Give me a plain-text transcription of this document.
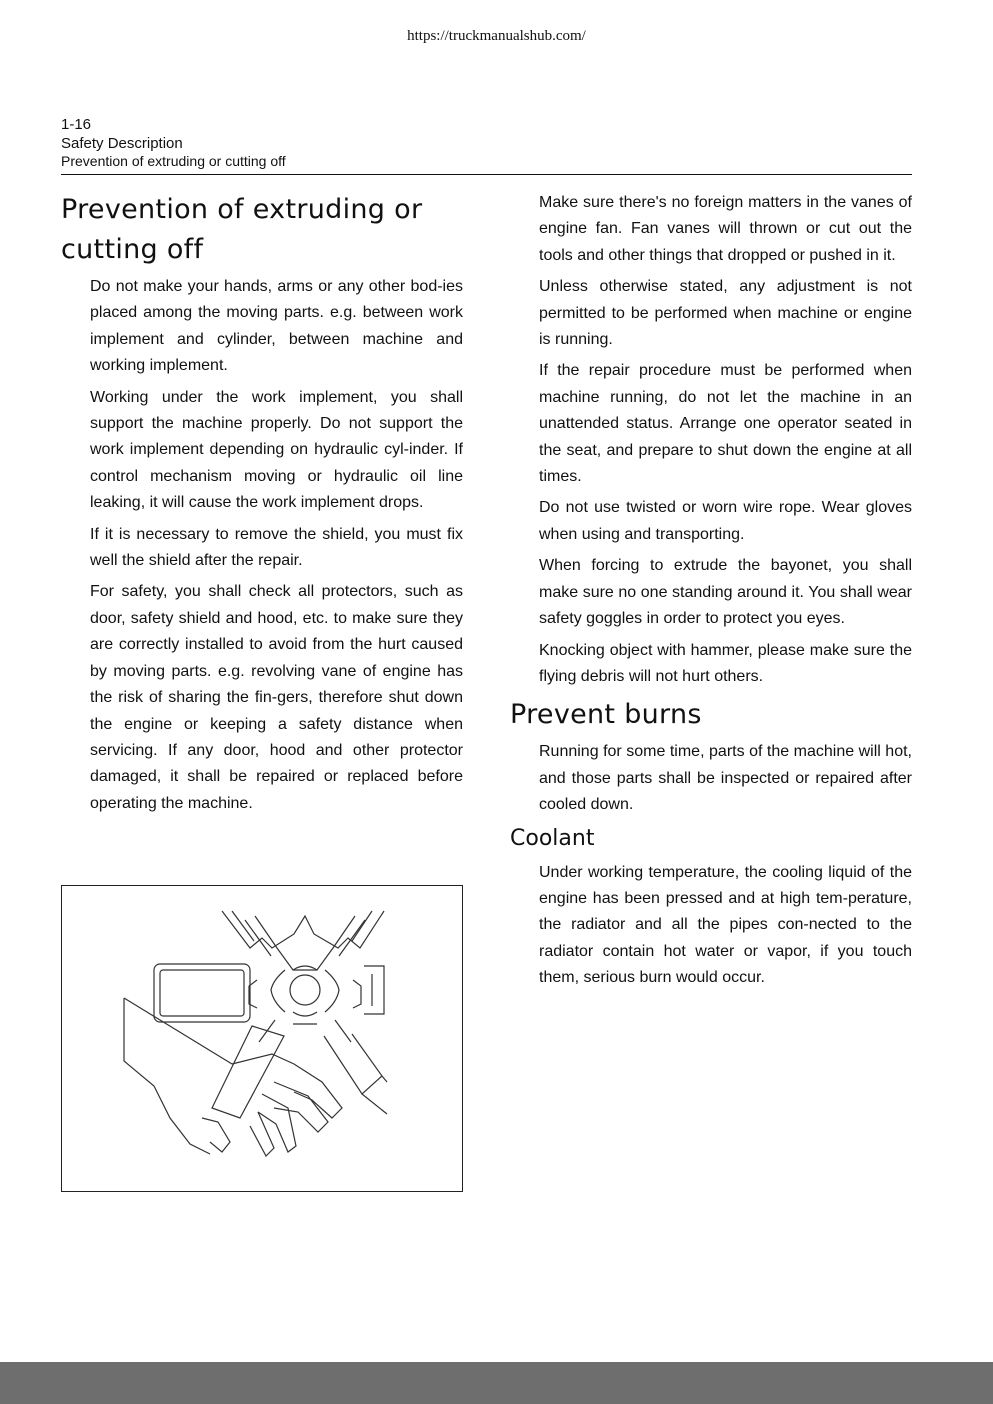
https://truckmanualshub.com/
1-16
Safety Description
Prevention of extruding or cutting off
Prevention of extruding or cutting off

Do not make your hands, arms or any other bod-ies placed among the moving parts. e.g. between work implement and cylinder, between machine and working implement.

Working under the work implement, you shall support the machine properly. Do not support the work implement depending on hydraulic cyl-inder. If control mechanism moving or hydraulic oil line leaking, it will cause the work implement drops.

If it is necessary to remove the shield, you must fix well the shield after the repair.

For safety, you shall check all protectors, such as door, safety shield and hood, etc. to make sure they are correctly installed to avoid from the hurt caused by moving parts. e.g. revolving vane of engine has the risk of sharing the fin-gers, therefore shut down the engine or keeping a safety distance when servicing. If any door, hood and other protector damaged, it shall be repaired or replaced before operating the machine.

Make sure there's no foreign matters in the vanes of engine fan. Fan vanes will thrown or cut out the tools and other things that dropped or pushed in it.

Unless otherwise stated, any adjustment is not permitted to be performed when machine or engine is running.

If the repair procedure must be performed when machine running, do not let the machine in an unattended status. Arrange one operator seated in the seat, and prepare to shut down the engine at all times.

Do not use twisted or worn wire rope. Wear gloves when using and transporting.

When forcing to extrude the bayonet, you shall make sure no one standing around it. You shall wear safety goggles in order to protect you eyes.

Knocking object with hammer, please make sure the flying debris will not hurt others.

Prevent burns

Running for some time, parts of the machine will hot, and those parts shall be inspected or repaired after cooled down.

Coolant

Under working temperature, the cooling liquid of the engine has been pressed and at high tem-perature, the radiator and all the pipes con-nected to the radiator contain hot water or vapor, if you touch them, serious burn would occur.
